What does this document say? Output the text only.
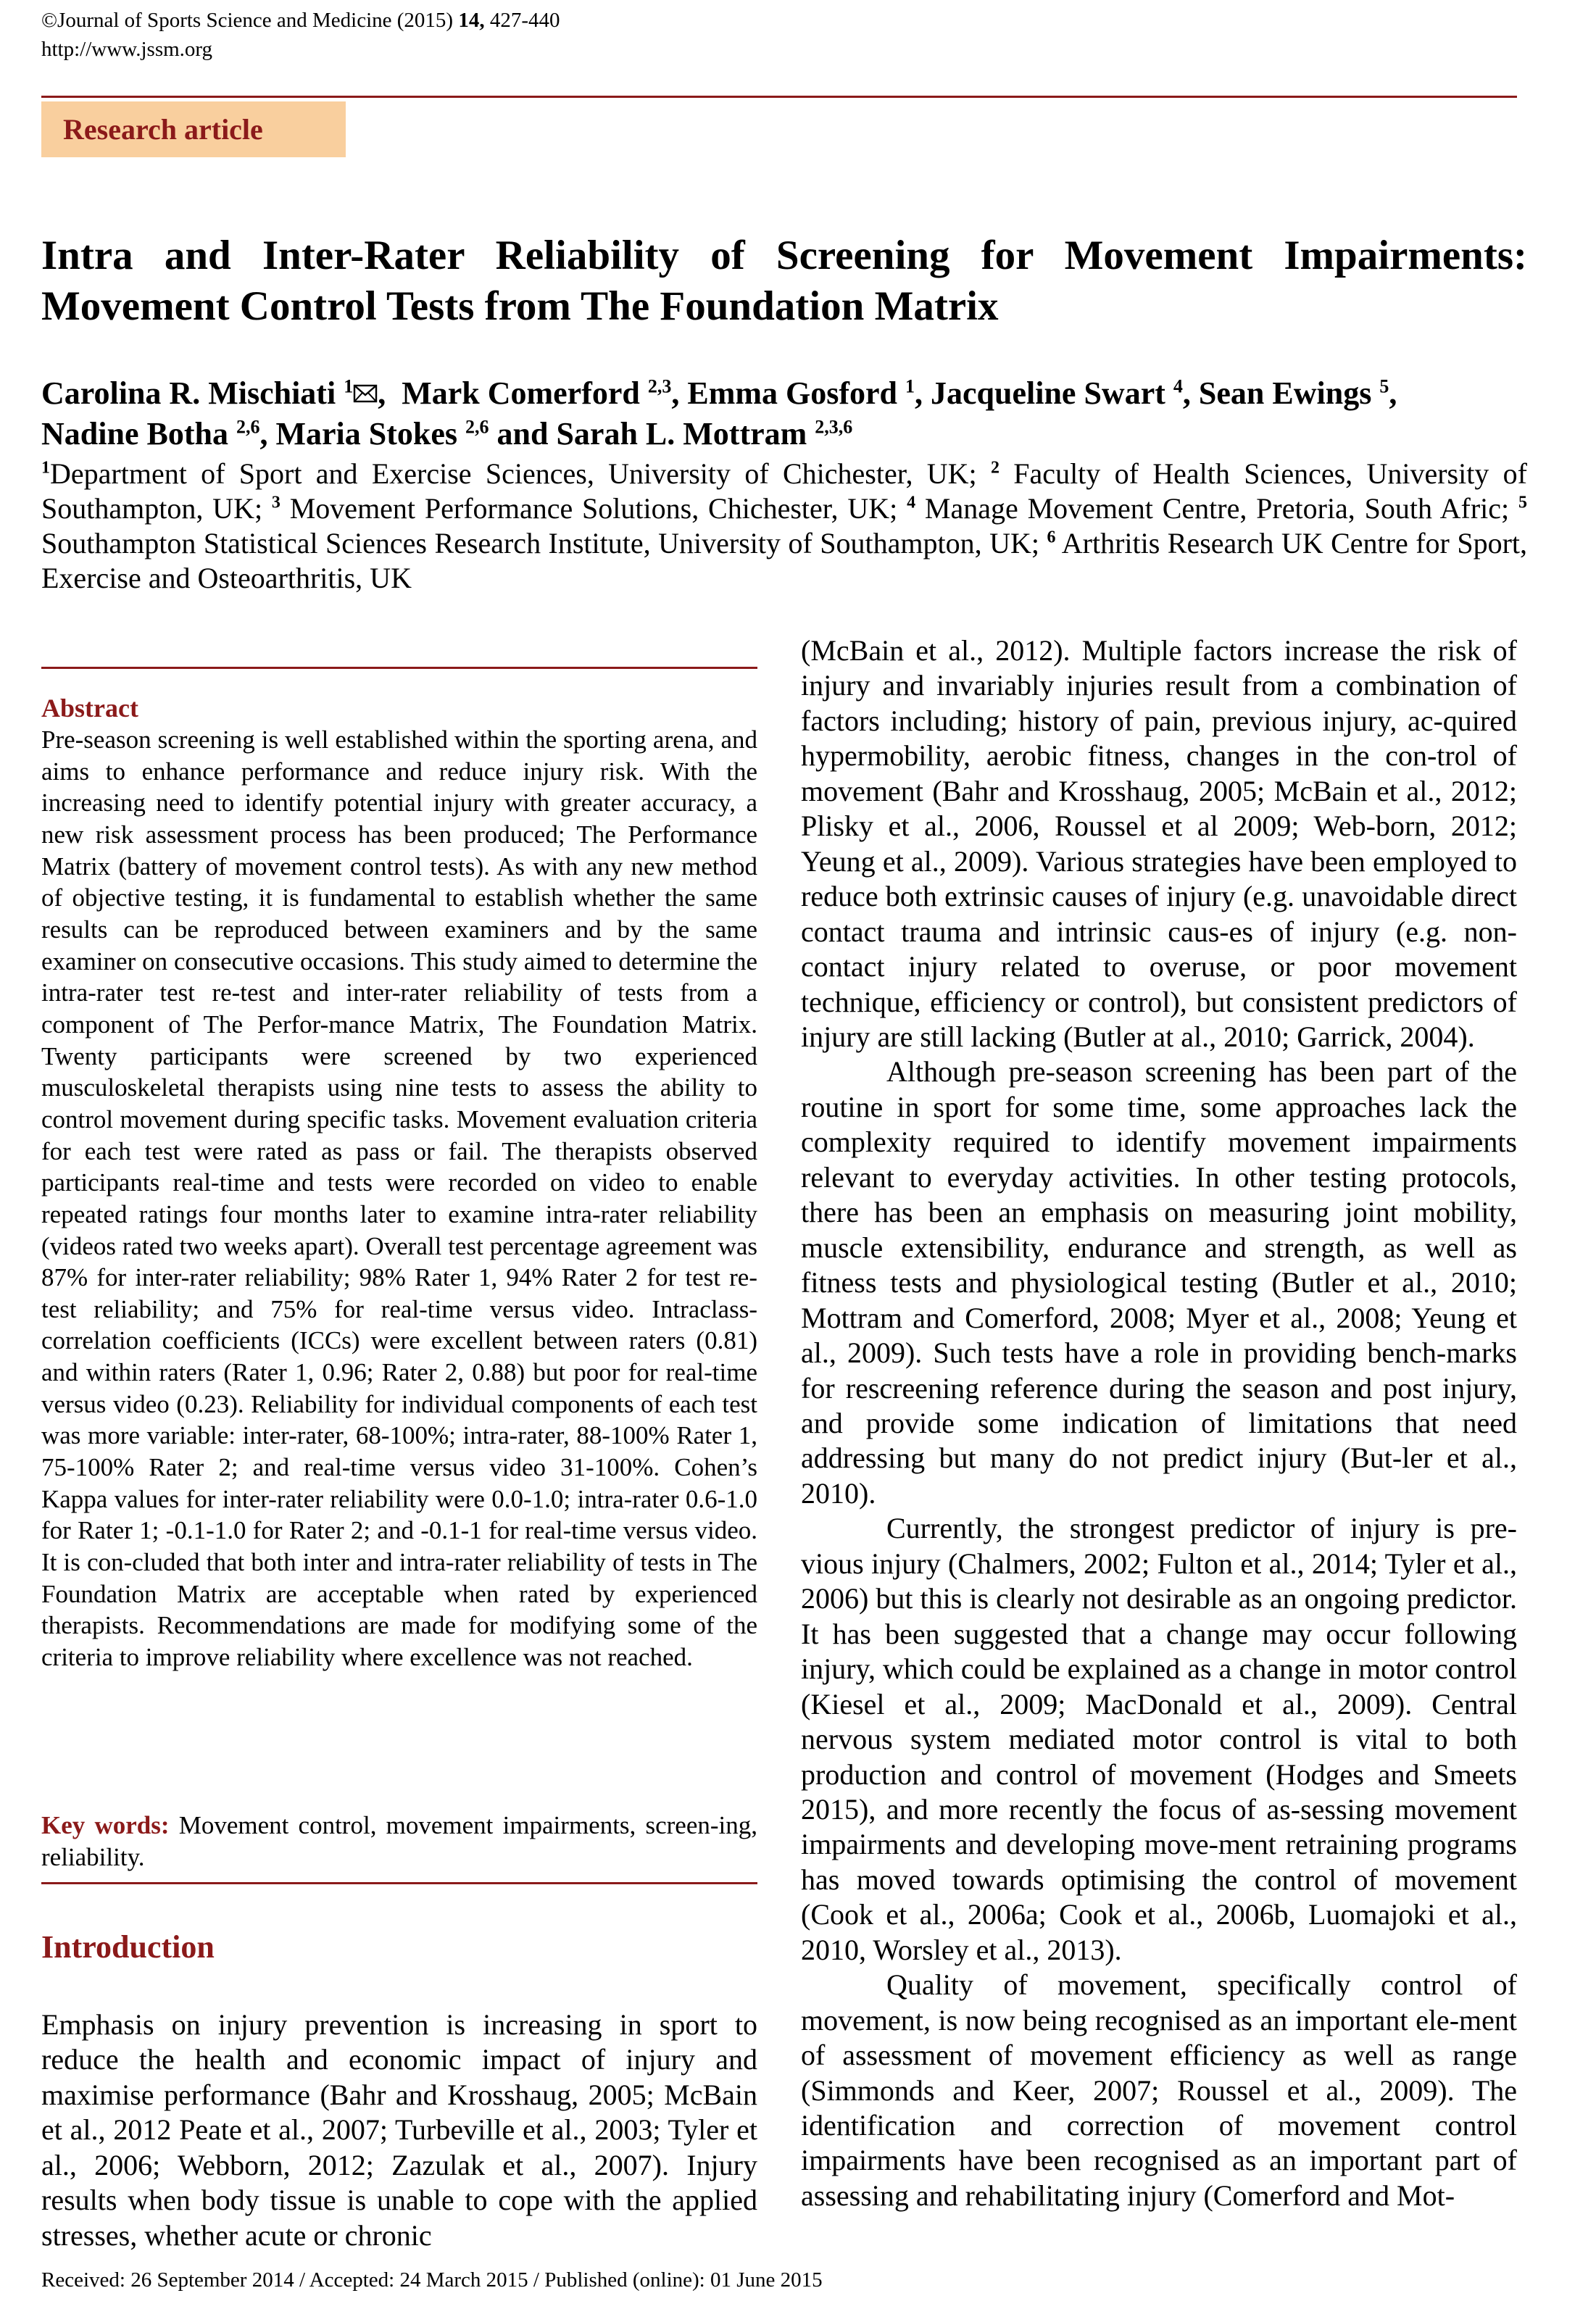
©Journal of Sports Science and Medicine (2015) 14, 427-440
http://www.jssm.org
Research article
Intra and Inter-Rater Reliability of Screening for Movement Impairments:
Movement Control Tests from The Foundation Matrix
Carolina R. Mischiati $^1$ ,  Mark Comerford $^{2,3}$, Emma Gosford $^1$, Jacqueline Swart $^4$, Sean Ewings $^5$,
Nadine Botha $^{2,6}$, Maria Stokes $^{2,6}$ and Sarah L. Mottram $^{2,3,6}$
$^1$Department of Sport and Exercise Sciences, University of Chichester, UK; $^2$ Faculty of Health Sciences, University of Southampton, UK; $^3$ Movement Performance Solutions, Chichester, UK; $^4$ Manage Movement Centre, Pretoria, South Afric; $^5$ Southampton Statistical Sciences Research Institute, University of Southampton, UK; $^6$ Arthritis Research UK Centre for Sport, Exercise and Osteoarthritis, UK
Abstract
Pre-season screening is well established within the sporting arena, and aims to enhance performance and reduce injury risk. With the increasing need to identify potential injury with greater accuracy, a new risk assessment process has been produced; The Performance Matrix (battery of movement control tests). As with any new method of objective testing, it is fundamental to establish whether the same results can be reproduced between examiners and by the same examiner on consecutive occasions. This study aimed to determine the intra-rater test re-test and inter-rater reliability of tests from a component of The Perfor-mance Matrix, The Foundation Matrix. Twenty participants were screened by two experienced musculoskeletal therapists using nine tests to assess the ability to control movement during specific tasks. Movement evaluation criteria for each test were rated as pass or fail. The therapists observed participants real-time and tests were recorded on video to enable repeated ratings four months later to examine intra-rater reliability (videos rated two weeks apart). Overall test percentage agreement was 87% for inter-rater reliability; 98% Rater 1, 94% Rater 2 for test re-test reliability; and 75% for real-time versus video. Intraclass-correlation coefficients (ICCs) were excellent between raters (0.81) and within raters (Rater 1, 0.96; Rater 2, 0.88) but poor for real-time versus video (0.23). Reliability for individual components of each test was more variable: inter-rater, 68-100%; intra-rater, 88-100% Rater 1, 75-100% Rater 2; and real-time versus video 31-100%. Cohen’s Kappa values for inter-rater reliability were 0.0-1.0; intra-rater 0.6-1.0 for Rater 1; -0.1-1.0 for Rater 2; and -0.1-1 for real-time versus video. It is con-cluded that both inter and intra-rater reliability of tests in The Foundation Matrix are acceptable when rated by experienced therapists. Recommendations are made for modifying some of the criteria to improve reliability where excellence was not reached.
Key words: Movement control, movement impairments, screen-ing, reliability.
Introduction

Emphasis on injury prevention is increasing in sport to reduce the health and economic impact of injury and maximise performance (Bahr and Krosshaug, 2005; McBain et al., 2012 Peate et al., 2007; Turbeville et al., 2003; Tyler et al., 2006; Webborn, 2012; Zazulak et al., 2007). Injury results when body tissue is unable to cope with the applied stresses, whether acute or chronic

(McBain et al., 2012). Multiple factors increase the risk of injury and invariably injuries result from a combination of factors including; history of pain, previous injury, ac-quired hypermobility, aerobic fitness, changes in the con-trol of movement (Bahr and Krosshaug, 2005; McBain et al., 2012; Plisky et al., 2006, Roussel et al 2009; Web-born, 2012; Yeung et al., 2009). Various strategies have been employed to reduce both extrinsic causes of injury (e.g. unavoidable direct contact trauma and intrinsic caus-es of injury (e.g. non-contact injury related to overuse, or poor movement technique, efficiency or control), but consistent predictors of injury are still lacking (Butler at al., 2010; Garrick, 2004).

Although pre-season screening has been part of the routine in sport for some time, some approaches lack the complexity required to identify movement impairments relevant to everyday activities. In other testing protocols, there has been an emphasis on measuring joint mobility, muscle extensibility, endurance and strength, as well as fitness tests and physiological testing (Butler et al., 2010; Mottram and Comerford, 2008; Myer et al., 2008; Yeung et al., 2009). Such tests have a role in providing bench-marks for rescreening reference during the season and post injury, and provide some indication of limitations that need addressing but many do not predict injury (But-ler et al., 2010).

Currently, the strongest predictor of injury is pre-vious injury (Chalmers, 2002; Fulton et al., 2014; Tyler et al., 2006) but this is clearly not desirable as an ongoing predictor. It has been suggested that a change may occur following injury, which could be explained as a change in motor control (Kiesel et al., 2009; MacDonald et al., 2009). Central nervous system mediated motor control is vital to both production and control of movement (Hodges and Smeets 2015), and more recently the focus of as-sessing movement impairments and developing move-ment retraining programs has moved towards optimising the control of movement (Cook et al., 2006a; Cook et al., 2006b, Luomajoki et al., 2010, Worsley et al., 2013).

Quality of movement, specifically control of movement, is now being recognised as an important ele-ment of assessment of movement efficiency as well as range (Simmonds and Keer, 2007; Roussel et al., 2009). The identification and correction of movement control impairments have been recognised as an important part of assessing and rehabilitating injury (Comerford and Mot-

Received: 26 September 2014 / Accepted: 24 March 2015 / Published (online): 01 June 2015
